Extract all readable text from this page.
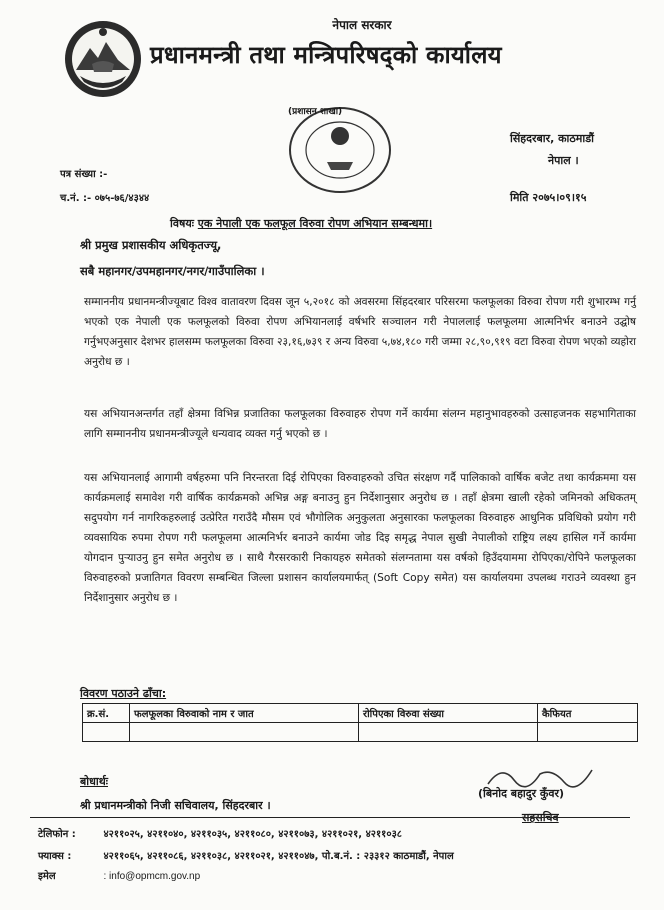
नेपाल सरकार
प्रधानमन्त्री तथा मन्त्रिपरिषद्को कार्यालय
(प्रशासन शाखा)
सिंहदरबार, काठमाडौं
नेपाल ।
पत्र संख्या :-
च.नं. :- ०७५-७६/४३४४	मिति २०७५।०९।१५
विषयः एक नेपाली एक फलफूल विरुवा रोपण अभियान सम्बन्धमा।
श्री प्रमुख प्रशासकीय अधिकृतज्यू,
सबै महानगर/उपमहानगर/नगर/गाउँपालिका ।

सम्माननीय प्रधानमन्त्रीज्यूबाट विश्व वातावरण दिवस जून ५,२०१८ को अवसरमा सिंहदरबार परिसरमा फलफूलका विरुवा रोपण गरी शुभारम्भ गर्नु भएको एक नेपाली एक फलफूलको विरुवा रोपण अभियानलाई वर्षभरि सञ्चालन गरी नेपाललाई फलफूलमा आत्मनिर्भर बनाउने उद्घोष गर्नुभएअनुसार देशभर हालसम्म फलफूलका विरुवा २३,१६,७३९ र अन्य विरुवा ५,७४,१८० गरी जम्मा २८,९०,९१९ वटा विरुवा रोपण भएको व्यहोरा अनुरोध छ ।

यस अभियानअन्तर्गत तहाँ क्षेत्रमा विभिन्न प्रजातिका फलफूलका विरुवाहरु रोपण गर्ने कार्यमा संलग्न महानुभावहरुको उत्साहजनक सहभागिताका लागि सम्माननीय प्रधानमन्त्रीज्यूले धन्यवाद व्यक्त गर्नु भएको छ ।

यस अभियानलाई आगामी वर्षहरुमा पनि निरन्तरता दिई रोपिएका विरुवाहरुको उचित संरक्षण गर्दै पालिकाको वार्षिक बजेट तथा कार्यक्रममा यस कार्यक्रमलाई समावेश गरी वार्षिक कार्यक्रमको अभिन्न अङ्ग बनाउनु हुन निर्देशानुसार अनुरोध छ । तहाँ क्षेत्रमा खाली रहेको जमिनको अधिकतम् सदुपयोग गर्न नागरिकहरुलाई उत्प्रेरित गराउँदै मौसम एवं भौगोलिक अनुकुलता अनुसारका फलफूलका विरुवाहरु आधुनिक प्रविधिको प्रयोग गरी व्यवसायिक रुपमा रोपण गरी फलफूलमा आत्मनिर्भर बनाउने कार्यमा जोड दिइ समृद्ध नेपाल सुखी नेपालीको राष्ट्रिय लक्ष्य हासिल गर्ने कार्यमा योगदान पुऱ्याउनु हुन समेत अनुरोध छ । साथै गैरसरकारी निकायहरु समेतको संलग्नतामा यस वर्षको हिउँदयाममा रोपिएका/रोपिने फलफूलका विरुवाहरुको प्रजातिगत विवरण सम्बन्धित जिल्ला प्रशासन कार्यालयमार्फत् (Soft Copy समेत) यस कार्यालयमा उपलब्ध गराउने व्यवस्था हुन निर्देशानुसार अनुरोध छ ।

विवरण पठाउने ढाँचा:
क्र.सं.	फलफूलका विरुवाको नाम र जात	रोपिएका विरुवा संख्या	कैफियत

बोधार्थः
श्री प्रधानमन्त्रीको निजी सचिवालय, सिंहदरबार ।
(बिनोद बहादुर कुँवर)
सहसचिव
टेलिफोन :	४२११०२५, ४२११०४०, ४२११०३५, ४२११०८०, ४२११०७३, ४२११०२१, ४२११०३८
फ्याक्स :	४२११०६५, ४२११०८६, ४२११०३८, ४२११०२१, ४२११०४७, पो.ब.नं. : २३३१२ काठमाडौं, नेपाल
इमेल	: info@opmcm.gov.np
